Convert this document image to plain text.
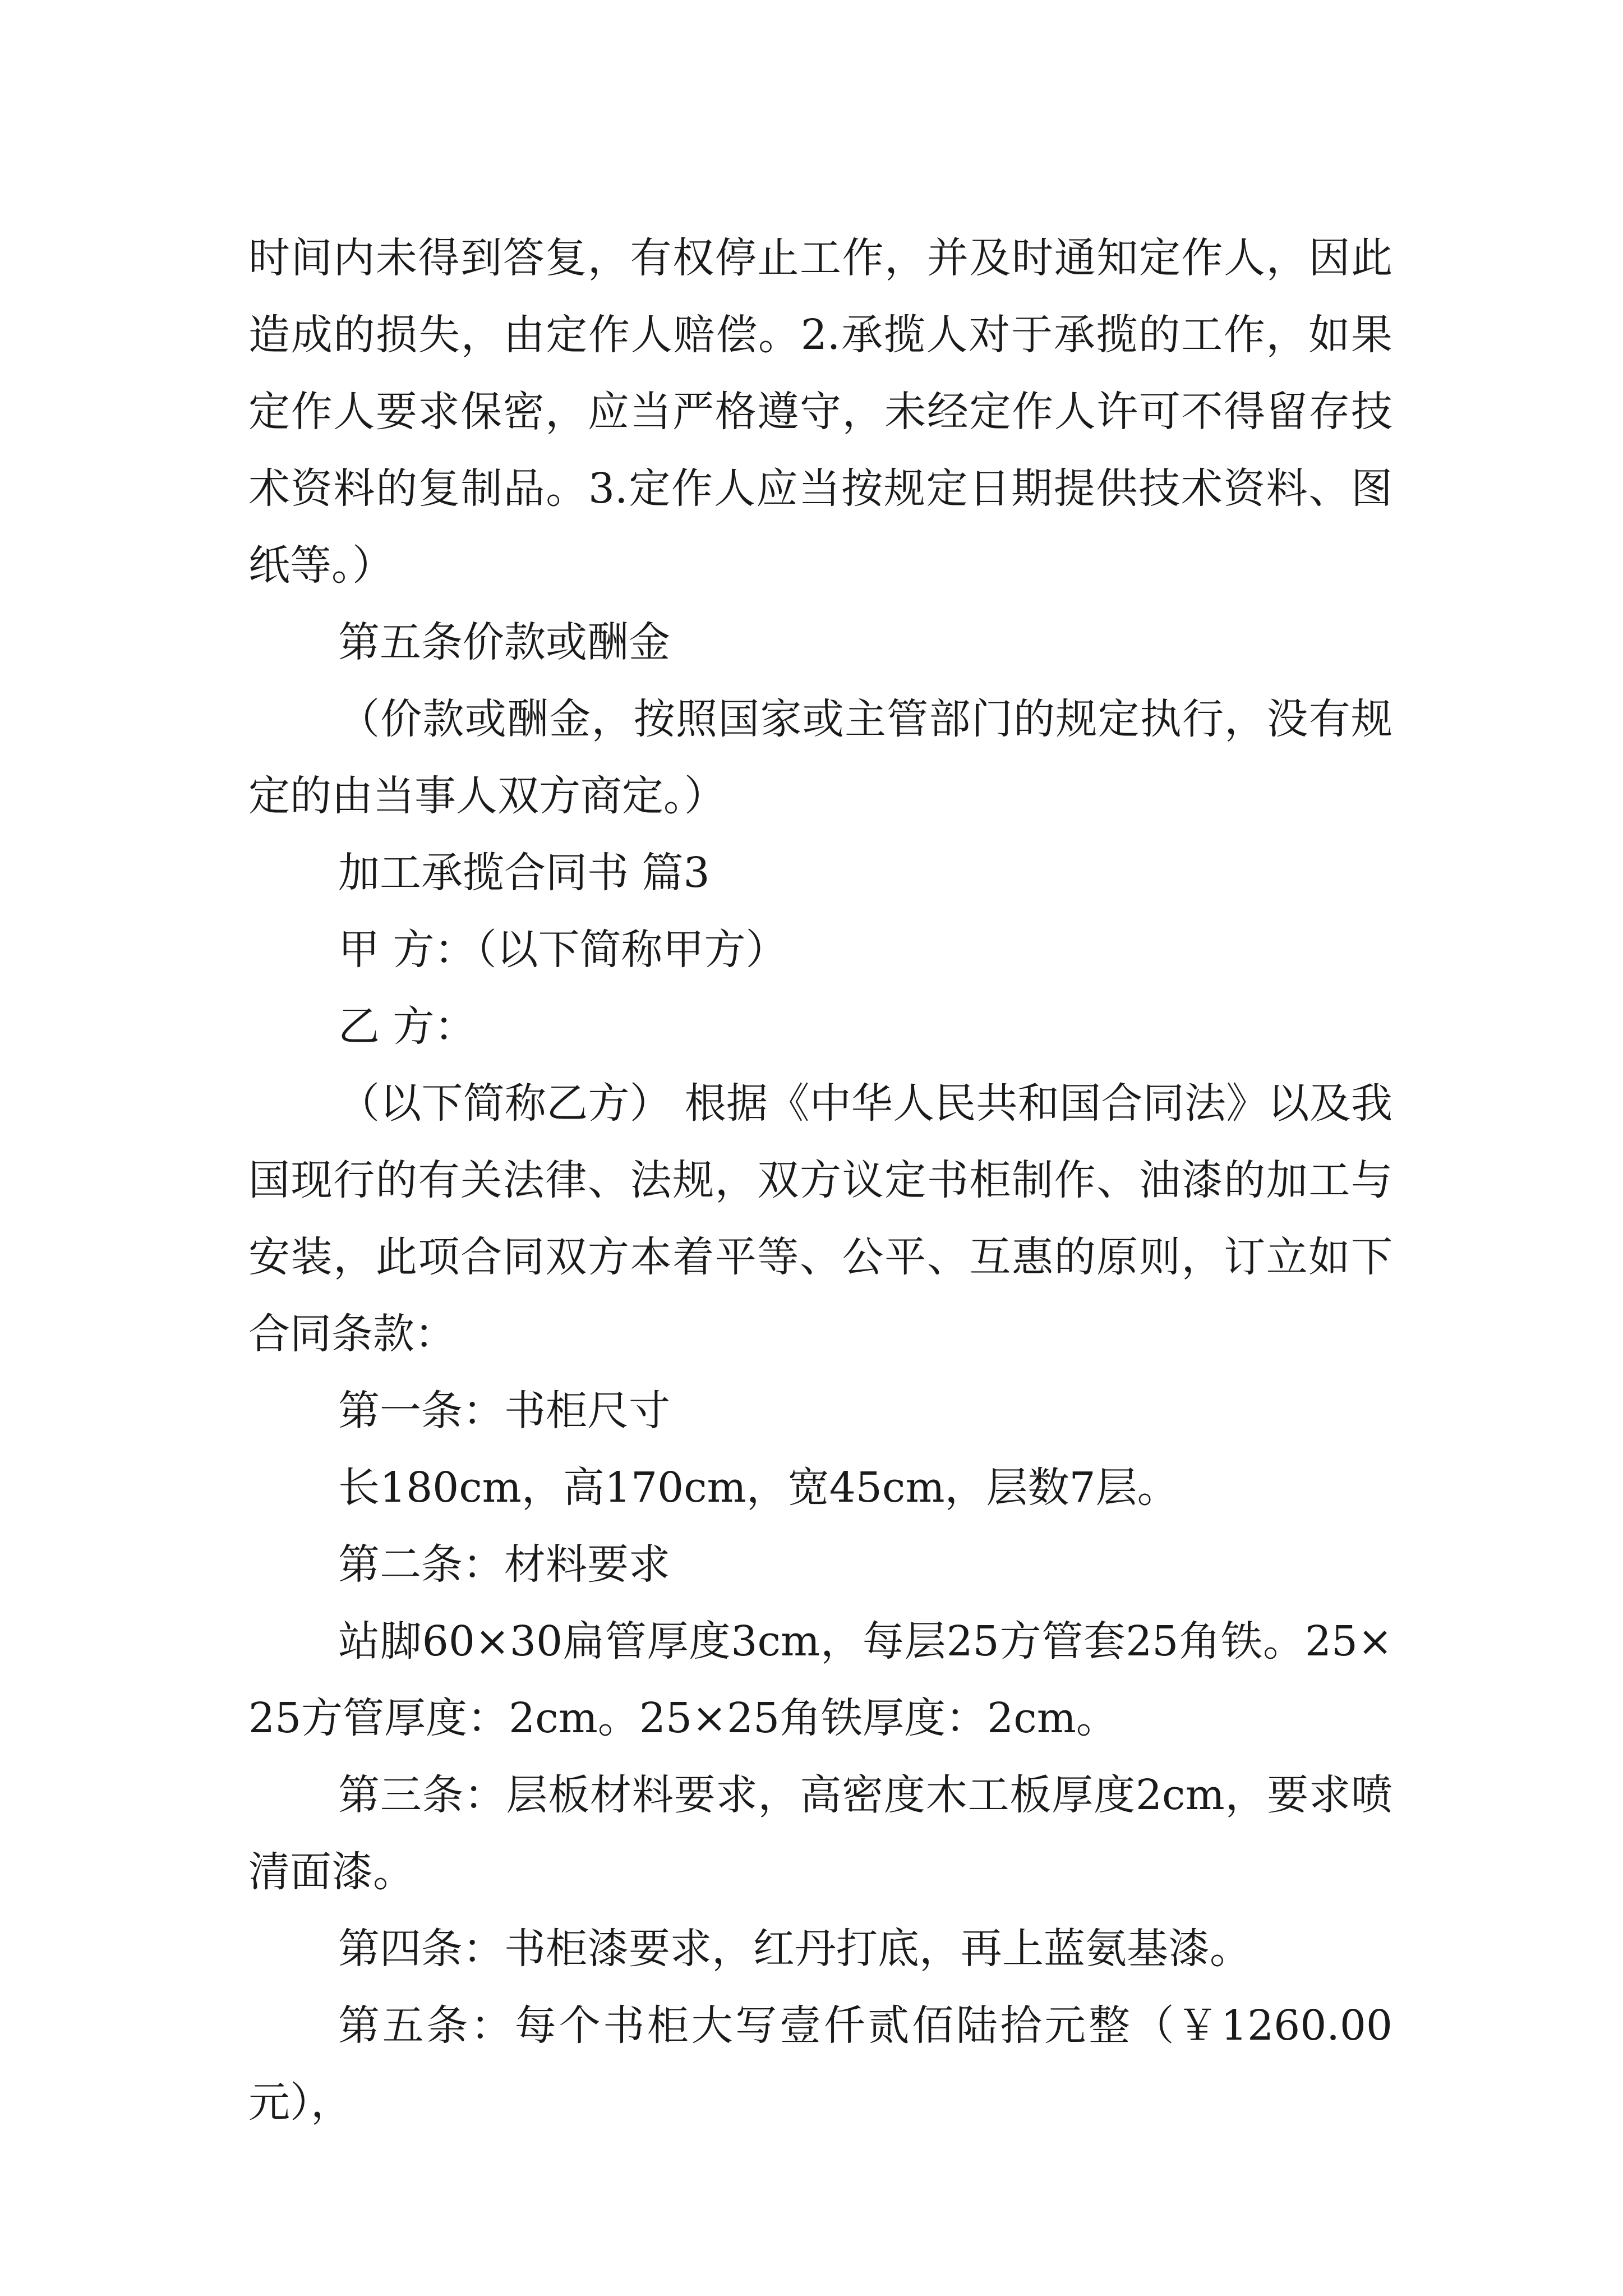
时间内未得到答复，有权停止工作，并及时通知定作人，因此造成的损失，由定作人赔偿。2.承揽人对于承揽的工作，如果定作人要求保密，应当严格遵守，未经定作人许可不得留存技术资料的复制品。3.定作人应当按规定日期提供技术资料、图纸等。）

第五条价款或酬金

（价款或酬金，按照国家或主管部门的规定执行，没有规定的由当事人双方商定。）

加工承揽合同书 篇3

甲 方：（以下简称甲方）

乙 方：

（以下简称乙方） 根据《中华人民共和国合同法》以及我国现行的有关法律、法规，双方议定书柜制作、油漆的加工与安装，此项合同双方本着平等、公平、互惠的原则，订立如下合同条款：

第一条：书柜尺寸

长180cm，高170cm，宽45cm，层数7层。

第二条：材料要求

站脚60×30扁管厚度3cm，每层25方管套25角铁。25×25方管厚度：2cm。25×25角铁厚度：2cm。

第三条：层板材料要求，高密度木工板厚度2cm，要求喷清面漆。

第四条：书柜漆要求，红丹打底，再上蓝氨基漆。

第五条：每个书柜大写壹仟贰佰陆拾元整（￥1260.00元），
